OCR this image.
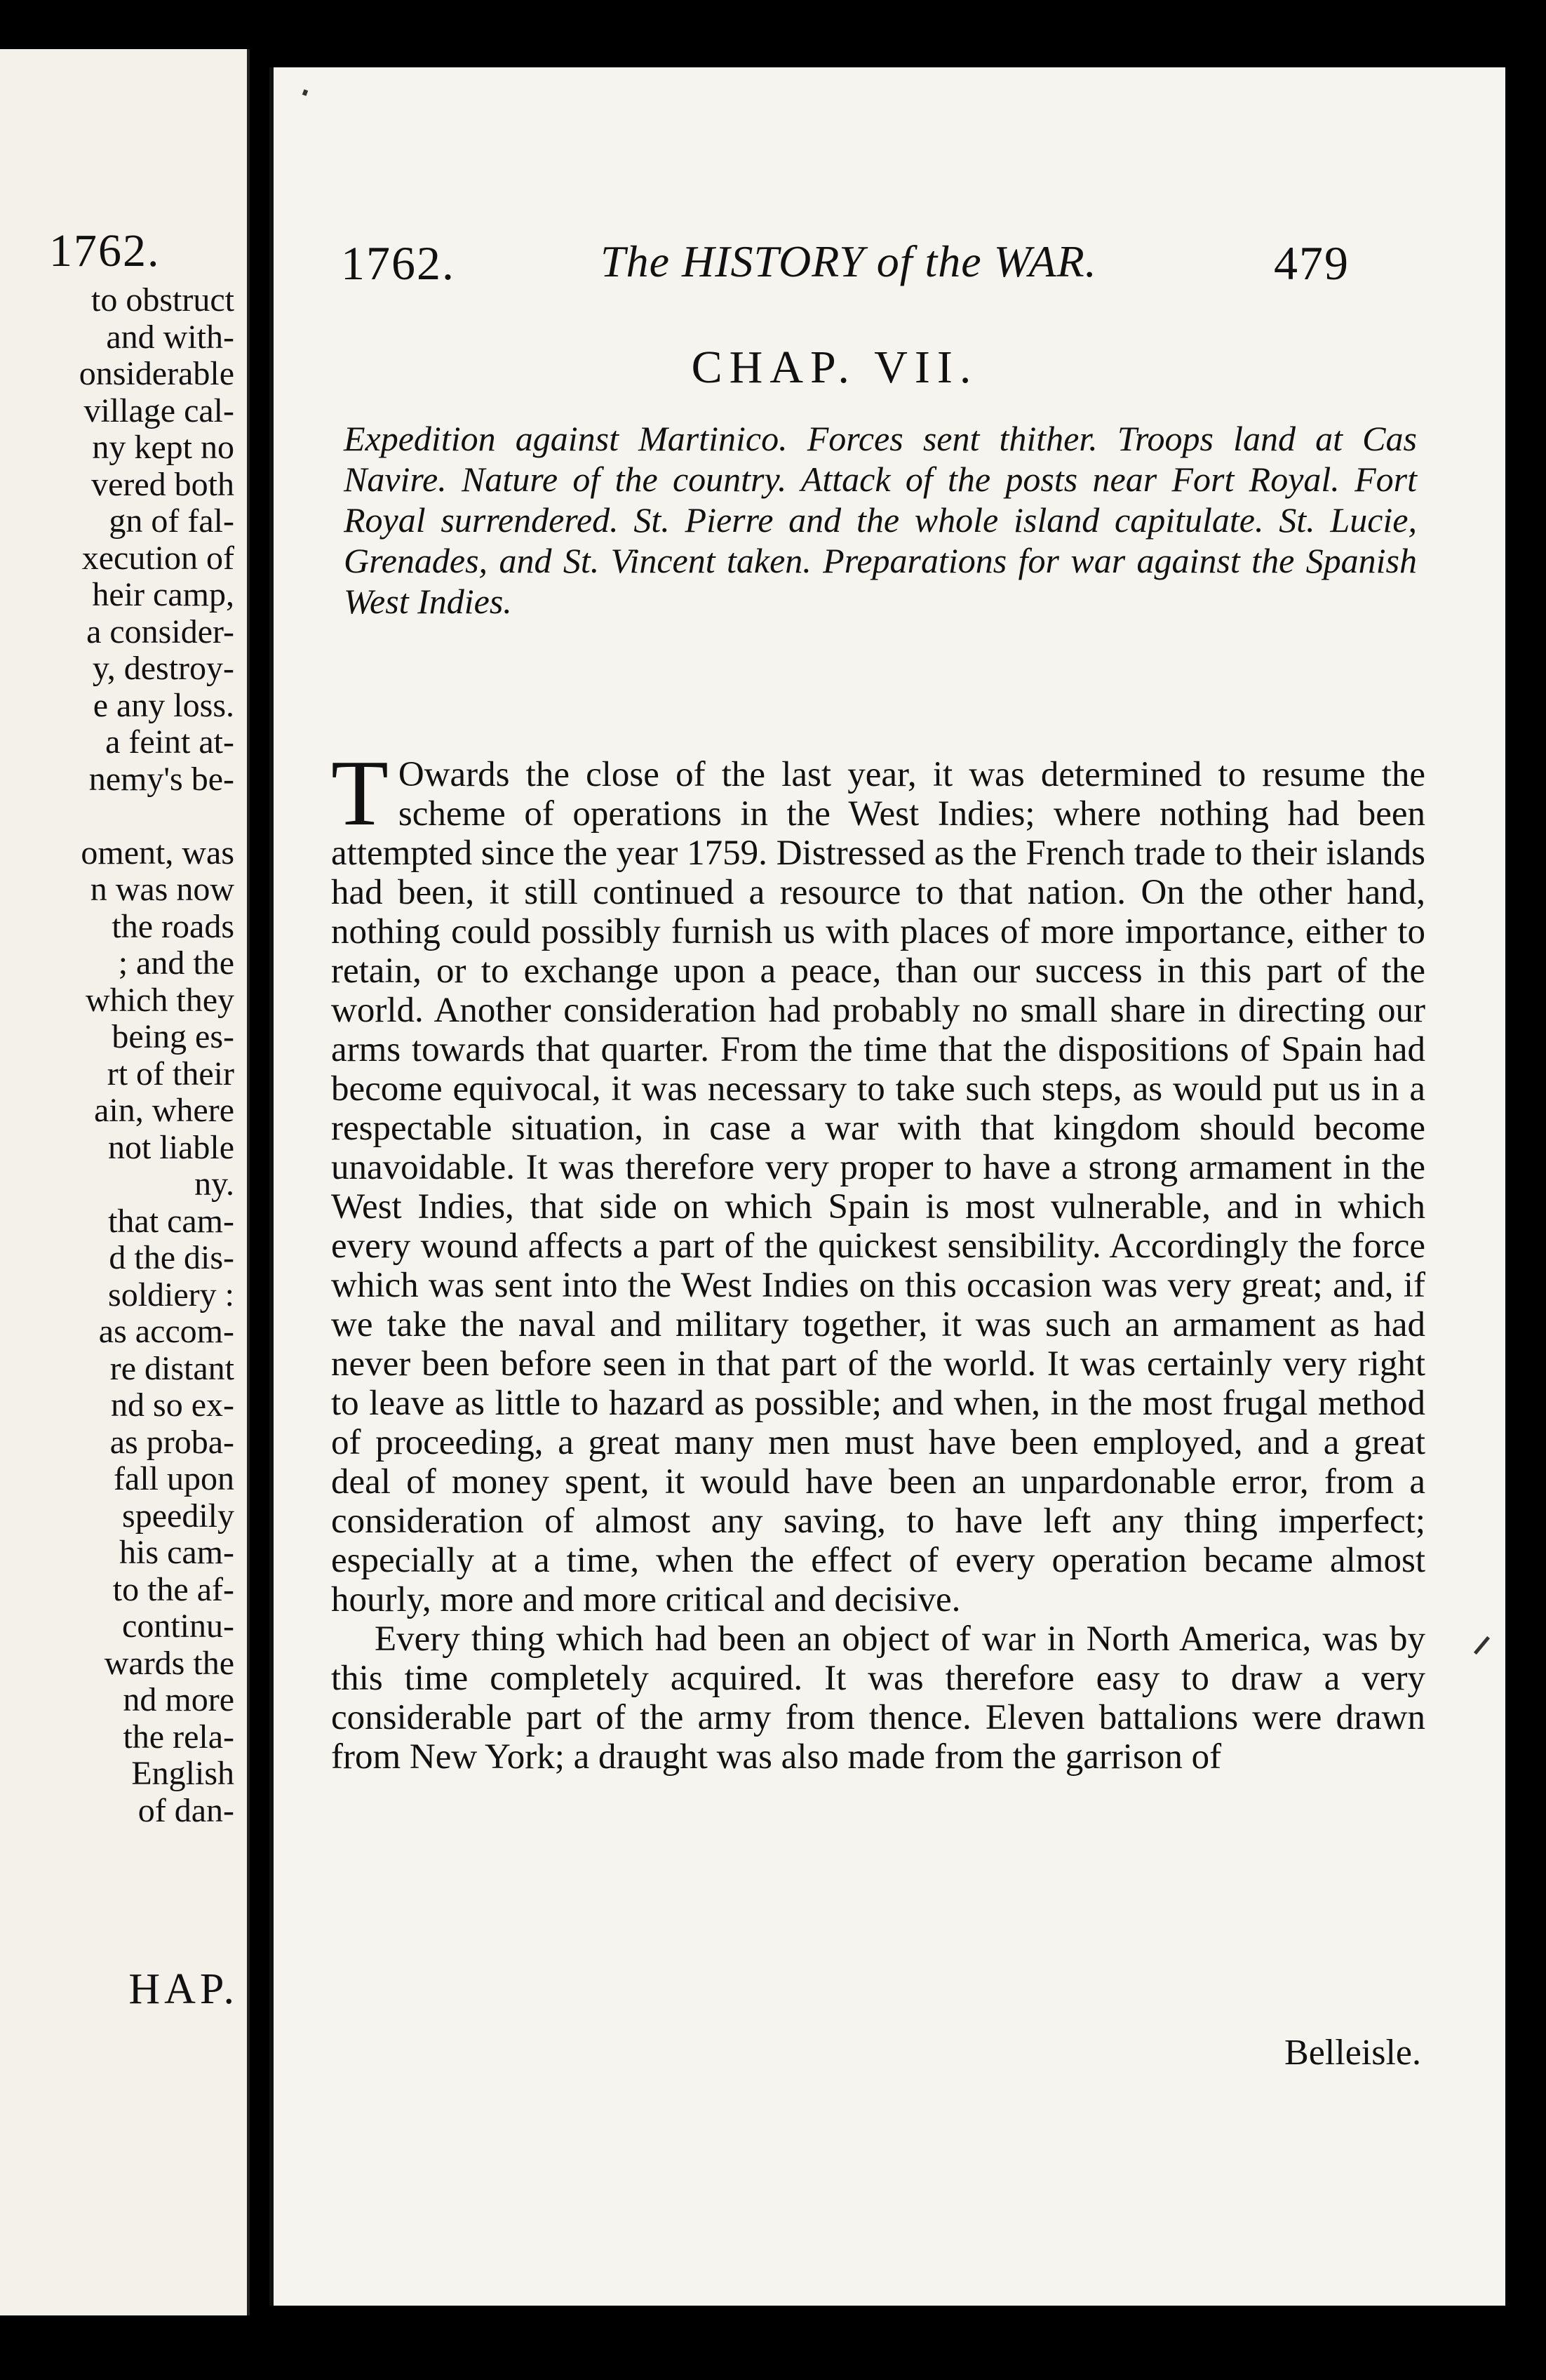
1762.
to obstruct
and with-
onsiderable
village cal-
ny kept no
vered both
gn of fal-
xecution of
heir camp,
a consider-
y, destroy-
e any loss.
a feint at-
nemy's be-
oment, was
n was now
the roads
; and the
which they
being es-
rt of their
ain, where
not liable
ny.
that cam-
d the dis-
soldiery :
as accom-
re distant
nd so ex-
as proba-
fall upon
speedily
his cam-
to the af-
continu-
wards the
nd more
the rela-
English
of dan-
HAP.
1762.	The HISTORY of the WAR.	479
CHAP. VII.
Expedition against Martinico. Forces sent thither. Troops land at Cas Navire. Nature of the country. Attack of the posts near Fort Royal. Fort Royal surrendered. St. Pierre and the whole island capitulate. St. Lucie, Grenades, and St. Vincent taken. Preparations for war against the Spanish West Indies.

T Owards the close of the last year, it was determined to resume the scheme of operations in the West Indies; where nothing had been attempted since the year 1759. Distressed as the French trade to their islands had been, it still continued a resource to that nation. On the other hand, nothing could possibly furnish us with places of more importance, either to retain, or to exchange upon a peace, than our success in this part of the world. Another consideration had probably no small share in directing our arms towards that quarter. From the time that the dispositions of Spain had become equivocal, it was necessary to take such steps, as would put us in a respectable situation, in case a war with that kingdom should become unavoidable. It was therefore very proper to have a strong armament in the West Indies, that side on which Spain is most vulnerable, and in which every wound affects a part of the quickest sensibility. Accordingly the force which was sent into the West Indies on this occasion was very great; and, if we take the naval and military together, it was such an armament as had never been before seen in that part of the world. It was certainly very right to leave as little to hazard as possible; and when, in the most frugal method of proceeding, a great many men must have been employed, and a great deal of money spent, it would have been an unpardonable error, from a consideration of almost any saving, to have left any thing imperfect; especially at a time, when the effect of every operation became almost hourly, more and more critical and decisive.

Every thing which had been an object of war in North America, was by this time completely acquired. It was therefore easy to draw a very considerable part of the army from thence. Eleven battalions were drawn from New York; a draught was also made from the garrison of

Belleisle.
